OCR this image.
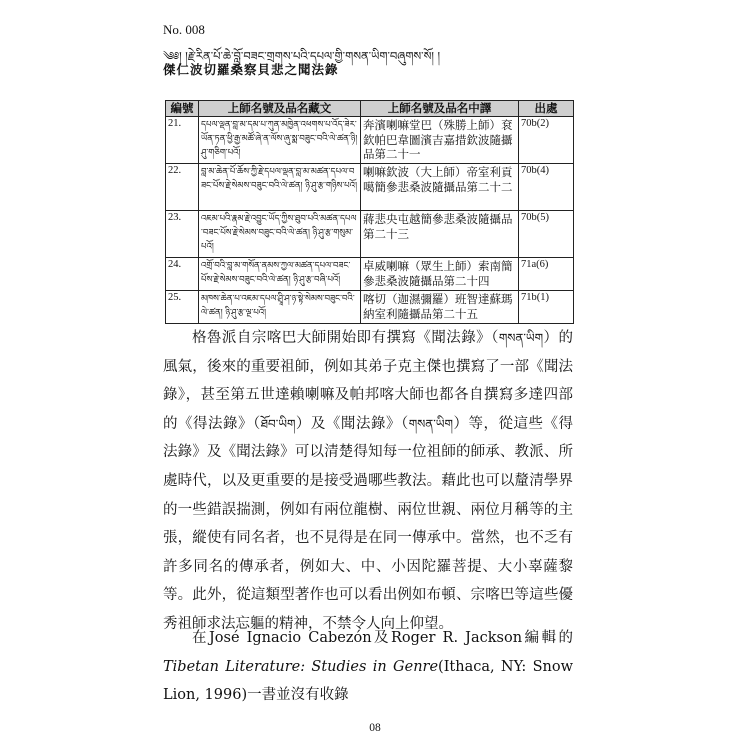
No. 008
༄༅། །རྗེ་རིན་པོ་ཆེ་བློ་བཟང་གྲགས་པའི་དཔལ་གྱི་གསན་ཡིག་བཞུགས་སོ། །
傑仁波切羅桑察貝悲之聞法錄
編號	上師名號及品名藏文	上師名號及品名中譯	出處
21.	དཔལ་ལྡན་བླ་མ་དམ་པ་ཀུན་མཁྱེན་འཕགས་པ་འོད་ཟེར་ཡོན་ཏན་ཕྱི་རྒྱ་མཚོ་ཞེ་ན་ལོས་ཞུ་སྨ་བཟུང་བའི་ལེ་ཚན་ཉི། ཤུ་གཅིག་པའོ།	奔濱喇嘛堂巴（殊勝上師）袞欽帕巴韋圖濱吉嘉措欽波隨攝品第二十一	70b(2)
22.	བླ་མ་ཆེན་པོ་ཆོས་ཀྱི་རྗེ་དཔལ་ལྡན་བླ་མ་མཚན་དཔལ་བཟང་པོས་རྗེ་སེམས་བཟུང་བའི་ལེ་ཚན། ཉི་ཤུ་རྩ་གཉིས་པའོ།	喇嘛欽波（大上師）帝室利貢噶簡參悲桑波隨攝品第二十二	70b(4)
23.	འཇམ་པའི་རྣམ་རྗེ་འབྱུང་ཡོད་ཀྱིས་ཐུབ་པའི་མཚན་དཔལ་བཟང་པོས་རྗེ་སེམས་བཟུང་བའི་ལེ་ཚན། ཉི་ཤུ་རྩ་གསུམ་པའོ།	蔣悲央屯越簡參悲桑波隨攝品第二十三	70b(5)
24.	འགྲོ་བའི་བླ་མ་གསོན་ནམས་ཀྱལ་མཚན་དཔལ་བཟང་པོས་རྗེ་སེམས་བཟུང་བའི་ལེ་ཚན། ཉི་ཤུ་རྩ་བཞི་པའོ།	卓威喇嘛（眾生上師）索南簡參悲桑波隨攝品第二十四	71a(6)
25.	མཁས་ཆེན་པ་འཇམ་དཔལ་ཤྲཱི་ཤ་ཉ་སྟེ་སེམས་བཟུང་བའི་ལེ་ཚན། ཉི་ཤུ་རྩ་ལྔ་པའོ།	喀切（迦濕彌羅）班智達蘇瑪納室利隨攝品第二十五	71b(1)

格魯派自宗喀巴大師開始即有撰寫《聞法錄》（གསན་ཡིག）的風氣，後來的重要祖師，例如其弟子克主傑也撰寫了一部《聞法錄》，甚至第五世達賴喇嘛及帕邦喀大師也都各自撰寫多達四部的《得法錄》（ཐོབ་ཡིག）及《聞法錄》（གསན་ཡིག）等，從這些《得法錄》及《聞法錄》可以清楚得知每一位祖師的師承、教派、所處時代，以及更重要的是接受過哪些教法。藉此也可以釐清學界的一些錯誤揣測，例如有兩位龍樹、兩位世親、兩位月稱等的主張，縱使有同名者，也不見得是在同一傳承中。當然，也不乏有許多同名的傳承者，例如大、中、小因陀羅菩提、大小辜薩黎等。此外，從這類型著作也可以看出例如布頓、宗喀巴等這些優秀祖師求法忘軀的精神，不禁令人向上仰望。

在José Ignacio Cabezón及Roger R. Jackson編輯的Tibetan Literature: Studies in Genre(Ithaca, NY: Snow Lion, 1996)一書並沒有收錄

08
